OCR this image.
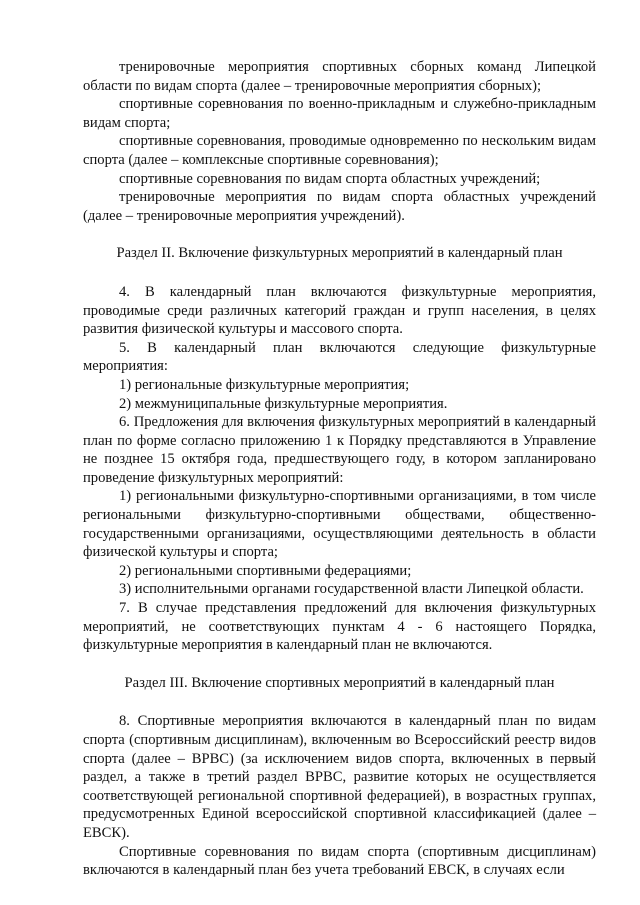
тренировочные мероприятия спортивных сборных команд Липецкой области по видам спорта (далее – тренировочные мероприятия сборных);

спортивные соревнования по военно-прикладным и служебно-прикладным видам спорта;

спортивные соревнования, проводимые одновременно по нескольким видам спорта (далее – комплексные спортивные соревнования);

спортивные соревнования по видам спорта областных учреждений;

тренировочные мероприятия по видам спорта областных учреждений (далее – тренировочные мероприятия учреждений).

Раздел II. Включение физкультурных мероприятий в календарный план

4. В календарный план включаются физкультурные мероприятия, проводимые среди различных категорий граждан и групп населения, в целях развития физической культуры и массового спорта.

5. В календарный план включаются следующие физкультурные мероприятия:

1) региональные физкультурные мероприятия;

2) межмуниципальные физкультурные мероприятия.

6. Предложения для включения физкультурных мероприятий в календарный план по форме согласно приложению 1 к Порядку представляются в Управление не позднее 15 октября года, предшествующего году, в котором запланировано проведение физкультурных мероприятий:

1) региональными физкультурно-спортивными организациями, в том числе региональными физкультурно-спортивными обществами, общественно-государственными организациями, осуществляющими деятельность в области физической культуры и спорта;

2) региональными спортивными федерациями;

3) исполнительными органами государственной власти Липецкой области.

7. В случае представления предложений для включения физкультурных мероприятий, не соответствующих пунктам 4 - 6 настоящего Порядка, физкультурные мероприятия в календарный план не включаются.

Раздел III. Включение спортивных мероприятий в календарный план

8. Спортивные мероприятия включаются в календарный план по видам спорта (спортивным дисциплинам), включенным во Всероссийский реестр видов спорта (далее – ВРВС) (за исключением видов спорта, включенных в первый раздел, а также в третий раздел ВРВС, развитие которых не осуществляется соответствующей региональной спортивной федерацией), в возрастных группах, предусмотренных Единой всероссийской спортивной классификацией (далее – ЕВСК).

Спортивные соревнования по видам спорта (спортивным дисциплинам) включаются в календарный план без учета требований ЕВСК, в случаях если
